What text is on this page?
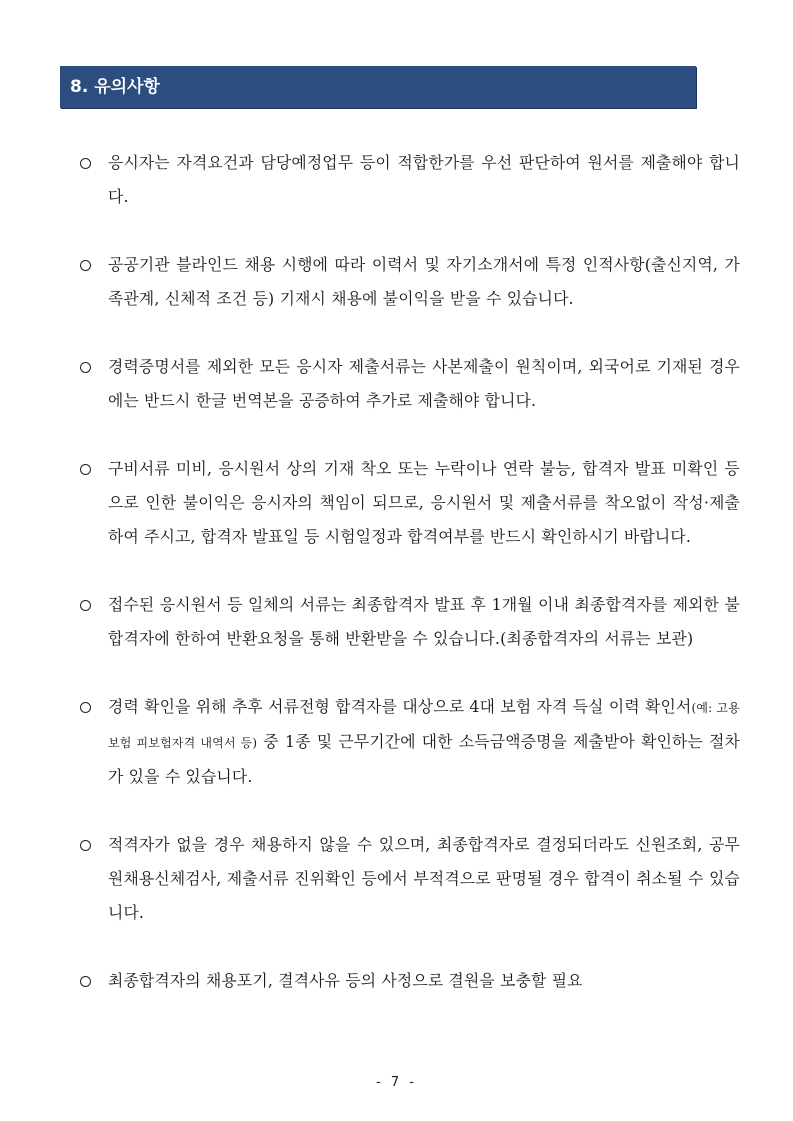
8. 유의사항
응시자는 자격요건과 담당예정업무 등이 적합한가를 우선 판단하여 원서를 제출해야 합니다.
공공기관 블라인드 채용 시행에 따라 이력서 및 자기소개서에 특정 인적사항(출신지역, 가족관계, 신체적 조건 등) 기재시 채용에 불이익을 받을 수 있습니다.
경력증명서를 제외한 모든 응시자 제출서류는 사본제출이 원칙이며, 외국어로 기재된 경우에는 반드시 한글 번역본을 공증하여 추가로 제출해야 합니다.
구비서류 미비, 응시원서 상의 기재 착오 또는 누락이나 연락 불능, 합격자 발표 미확인 등으로 인한 불이익은 응시자의 책임이 되므로, 응시원서 및 제출서류를 착오없이 작성·제출하여 주시고, 합격자 발표일 등 시험일정과 합격여부를 반드시 확인하시기 바랍니다.
접수된 응시원서 등 일체의 서류는 최종합격자 발표 후 1개월 이내 최종합격자를 제외한 불합격자에 한하여 반환요청을 통해 반환받을 수 있습니다.(최종합격자의 서류는 보관)
경력 확인을 위해 추후 서류전형 합격자를 대상으로 4대 보험 자격 득실 이력 확인서(예: 고용보험 피보험자격 내역서 등) 중 1종 및 근무기간에 대한 소득금액증명을 제출받아 확인하는 절차가 있을 수 있습니다.
적격자가 없을 경우 채용하지 않을 수 있으며, 최종합격자로 결정되더라도 신원조회, 공무원채용신체검사, 제출서류 진위확인 등에서 부적격으로 판명될 경우 합격이 취소될 수 있습니다.
최종합격자의 채용포기, 결격사유 등의 사정으로 결원을 보충할 필요
- 7 -
